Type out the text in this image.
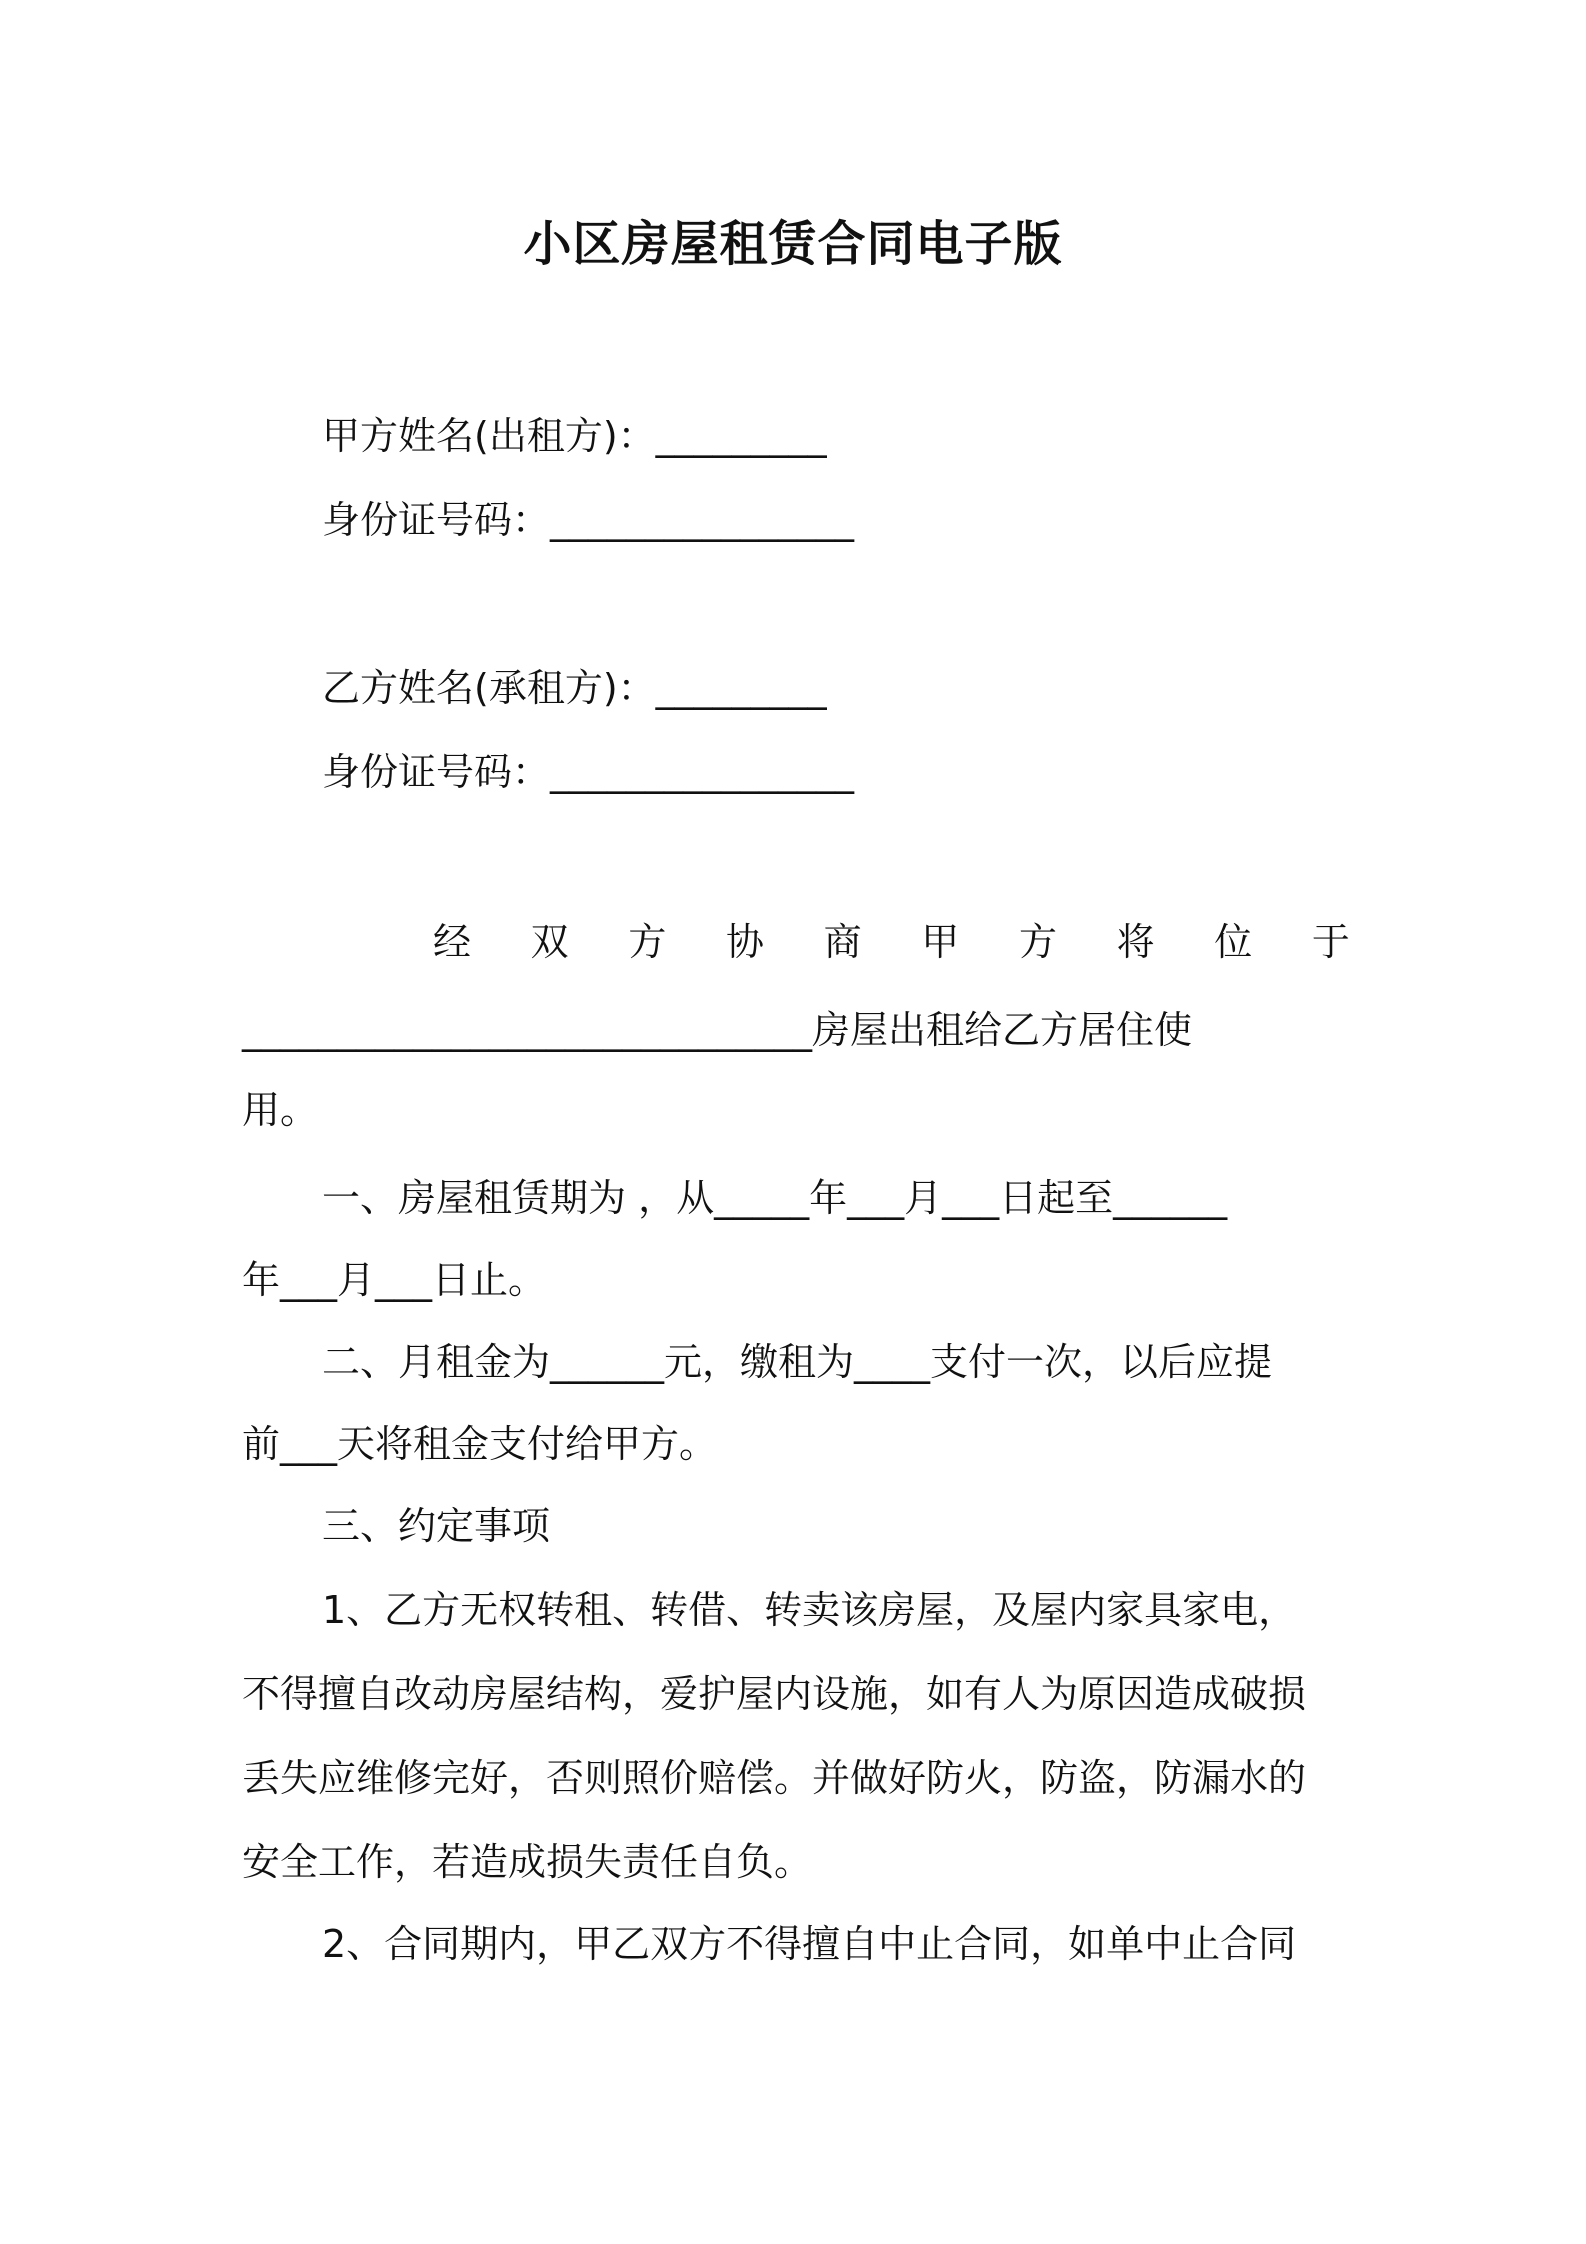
小区房屋租赁合同电子版
甲方姓名(出租方)：_________
身份证号码：________________
乙方姓名(承租方)：_________
身份证号码：________________
经 双 方 协 商 甲 方 将 位 于
______________________________房屋出租给乙方居住使
用。
一、房屋租赁期为 ，从_____年___月___日起至______
年___月___日止。
二、月租金为______元，缴租为____支付一次，以后应提
前___天将租金支付给甲方。
三、约定事项
1、乙方无权转租、转借、转卖该房屋，及屋内家具家电，
不得擅自改动房屋结构，爱护屋内设施，如有人为原因造成破损
丢失应维修完好，否则照价赔偿。并做好防火，防盗，防漏水的
安全工作，若造成损失责任自负。
2、合同期内，甲乙双方不得擅自中止合同，如单中止合同
